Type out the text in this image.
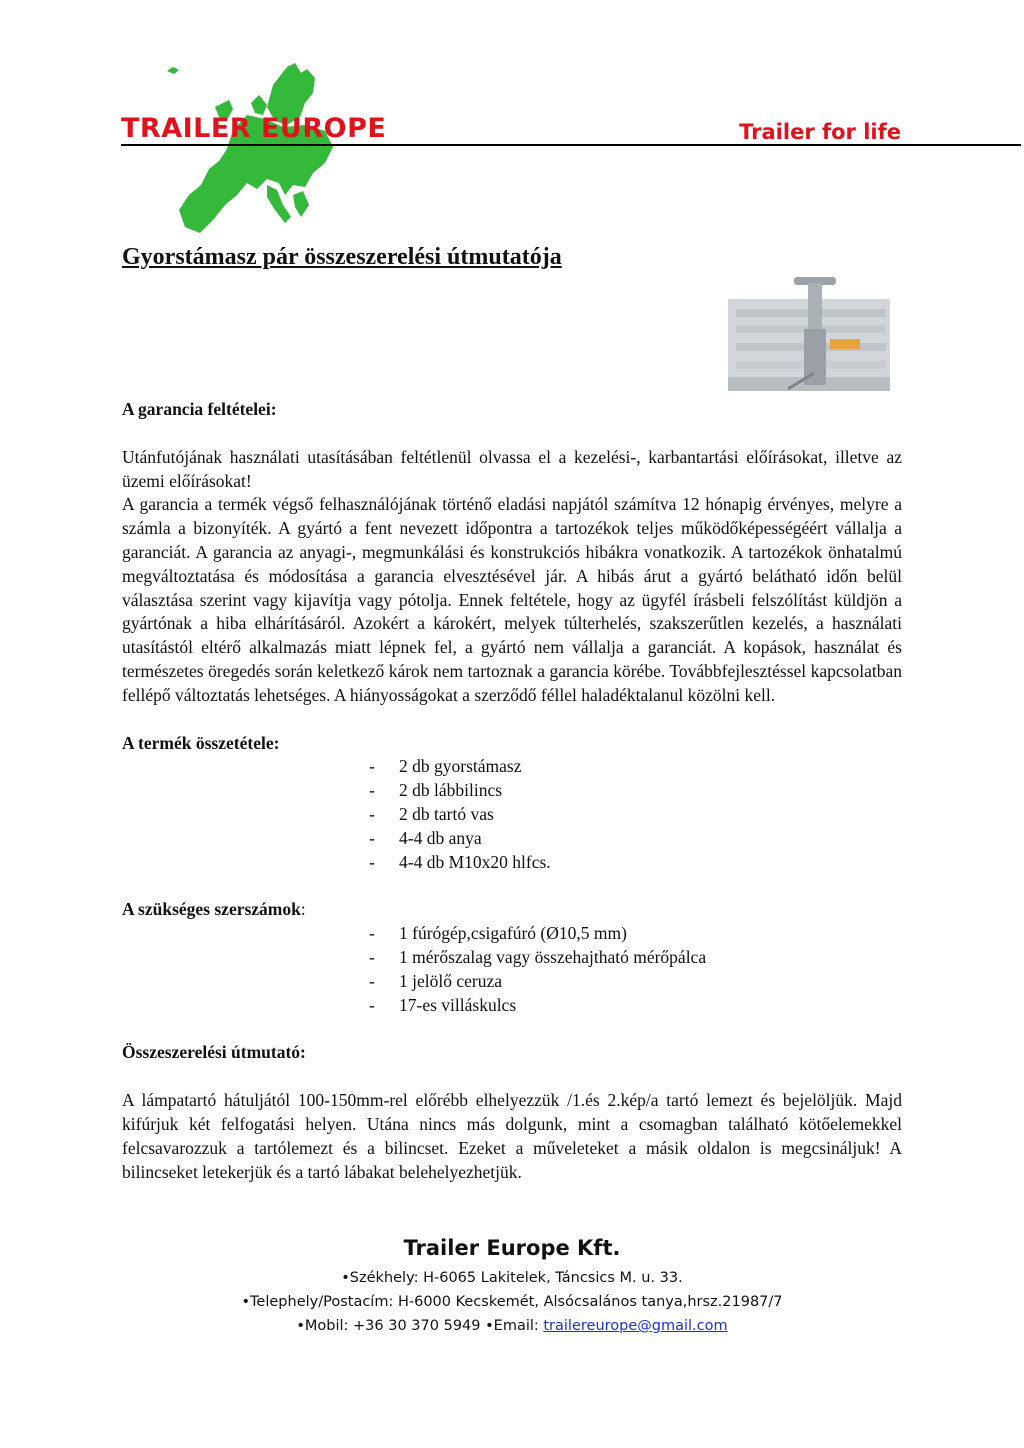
TRAILER EUROPE	Trailer for life
Gyorstámasz pár összeszerelési útmutatója

A garancia feltételei:

Utánfutójának használati utasításában feltétlenül olvassa el a kezelési-, karbantartási előírásokat, illetve az üzemi előírásokat!

A garancia a termék végső felhasználójának történő eladási napjától számítva 12 hónapig érvényes, melyre a számla a bizonyíték. A gyártó a fent nevezett időpontra a tartozékok teljes működőképességéért vállalja a garanciát. A garancia az anyagi-, megmunkálási és konstrukciós hibákra vonatkozik. A tartozékok önhatalmú megváltoztatása és módosítása a garancia elvesztésével jár. A hibás árut a gyártó belátható időn belül választása szerint vagy kijavítja vagy pótolja. Ennek feltétele, hogy az ügyfél írásbeli felszólítást küldjön a gyártónak a hiba elhárításáról. Azokért a károkért, melyek túlterhelés, szakszerűtlen kezelés, a használati utasítástól eltérő alkalmazás miatt lépnek fel, a gyártó nem vállalja a garanciát. A kopások, használat és természetes öregedés során keletkező károk nem tartoznak a garancia körébe. Továbbfejlesztéssel kapcsolatban fellépő változtatás lehetséges. A hiányosságokat a szerződő féllel haladéktalanul közölni kell.

A termék összetétele:

- 2 db gyorstámasz
- 2 db lábbilincs
- 2 db tartó vas
- 4-4 db anya
- 4-4 db M10x20 hlfcs.

A szükséges szerszámok:

- 1 fúrógép,csigafúró (Ø10,5 mm)
- 1 mérőszalag vagy összehajtható mérőpálca
- 1 jelölő ceruza
- 17-es villáskulcs

Összeszerelési útmutató:

A lámpatartó hátuljától 100-150mm-rel előrébb elhelyezzük /1.és 2.kép/a tartó lemezt és bejelöljük. Majd kifúrjuk két felfogatási helyen. Utána nincs más dolgunk, mint a csomagban található kötőelemekkel felcsavarozzuk a tartólemezt és a bilincset. Ezeket a műveleteket a másik oldalon is megcsináljuk! A bilincseket letekerjük és a tartó lábakat belehelyezhetjük.

Trailer Europe Kft.

•Székhely: H-6065 Lakitelek, Táncsics M. u. 33.

•Telephely/Postacím: H-6000 Kecskemét, Alsócsalános tanya,hrsz.21987/7

•Mobil: +36 30 370 5949 •Email: trailereurope@gmail.com
